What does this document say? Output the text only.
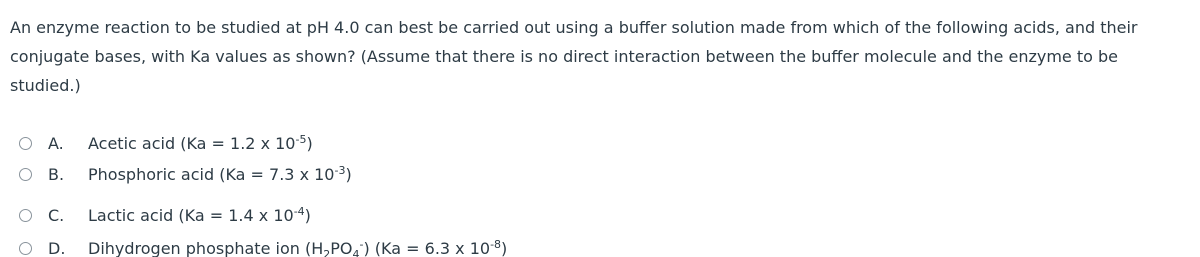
An enzyme reaction to be studied at pH 4.0 can best be carried out using a buffer solution made from which of the following acids, and their conjugate bases, with Ka values as shown? (Assume that there is no direct interaction between the buffer molecule and the enzyme to be studied.)
A.	Acetic acid (Ka = 1.2 x $10^{-5}$)
B.	Phosphoric acid (Ka = 7.3 x $10^{-3}$)
C.	Lactic acid (Ka = 1.4 x $10^{-4}$)
D.	Dihydrogen phosphate ion $(H_2PO_4^-) (Ka = 6.3$ x $10^{-8}$)
